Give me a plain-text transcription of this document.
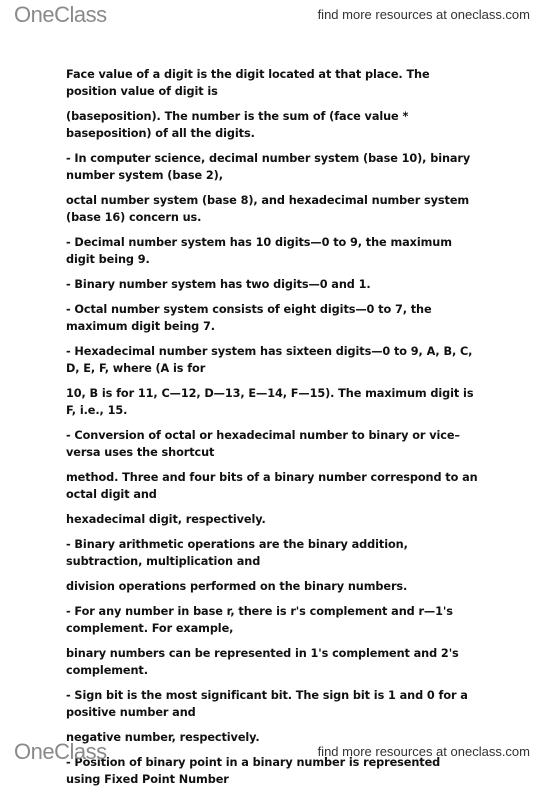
OneClass	find more resources at oneclass.com

Face value of a digit is the digit located at that place. The position value of digit is

(baseposition). The number is the sum of (face value * baseposition) of all the digits.

- In computer science, decimal number system (base 10), binary number system (base 2),

octal number system (base 8), and hexadecimal number system (base 16) concern us.

- Decimal number system has 10 digits—0 to 9, the maximum digit being 9.

- Binary number system has two digits—0 and 1.

- Octal number system consists of eight digits—0 to 7, the maximum digit being 7.

- Hexadecimal number system has sixteen digits—0 to 9, A, B, C, D, E, F, where (A is for

10, B is for 11, C—12, D—13, E—14, F—15). The maximum digit is F, i.e., 15.

- Conversion of octal or hexadecimal number to binary or vice–versa uses the shortcut

method. Three and four bits of a binary number correspond to an octal digit and

hexadecimal digit, respectively.

- Binary arithmetic operations are the binary addition, subtraction, multiplication and

division operations performed on the binary numbers.

- For any number in base r, there is r's complement and r—1's complement. For example,

binary numbers can be represented in 1's complement and 2's complement.

- Sign bit is the most significant bit. The sign bit is 1 and 0 for a positive number and

negative number, respectively.

- Position of binary point in a binary number is represented using Fixed Point Number

OneClass	find more resources at oneclass.com
